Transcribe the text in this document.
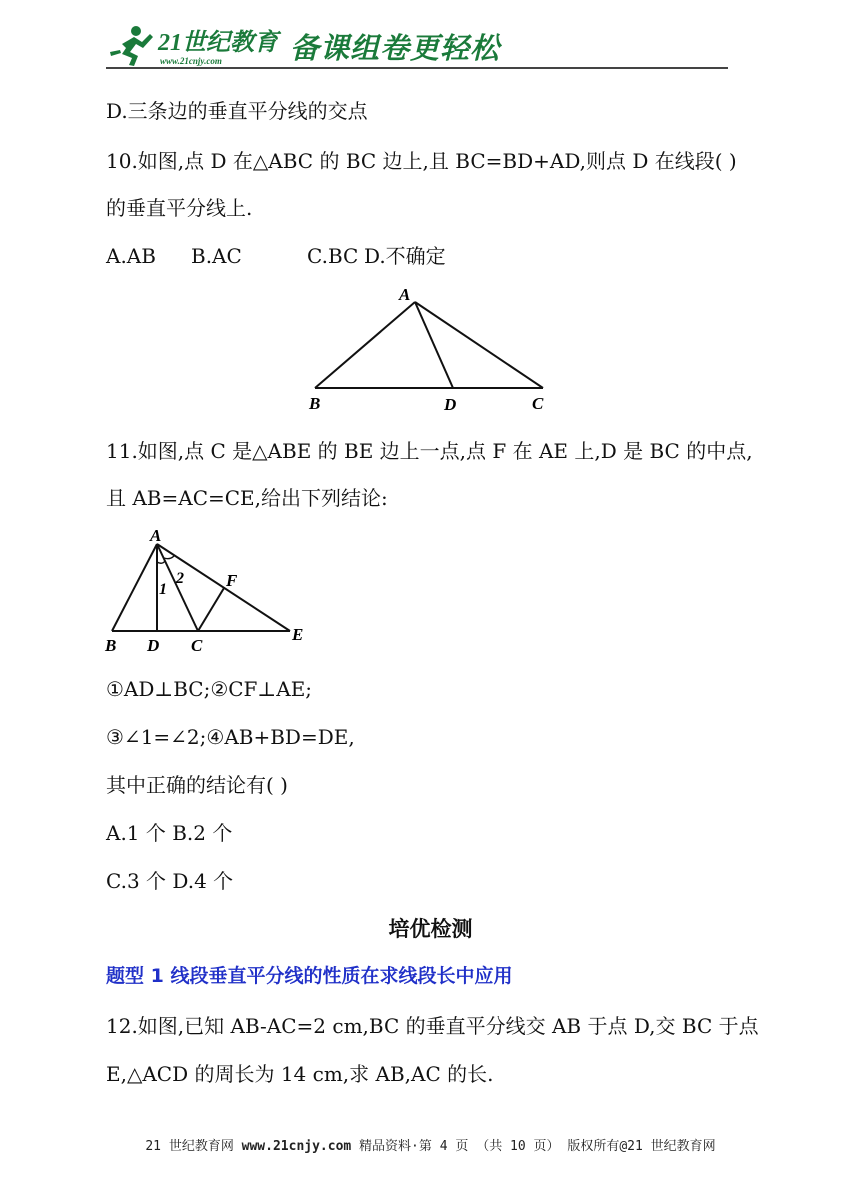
21世纪教育
www.21cnjy.com 备课组卷更轻松
D.三条边的垂直平分线的交点
10.如图,点 D 在△ABC 的 BC 边上,且 BC=BD+AD,则点 D 在线段( )
的垂直平分线上.
A.AB B.AC	C.BC D.不确定
A
B	D	C
11.如图,点 C 是△ABE 的 BE 边上一点,点 F 在 AE 上,D 是 BC 的中点,
且 AB=AC=CE,给出下列结论:
A
B D C
E
F
1
2
①AD⊥BC;②CF⊥AE;
③∠1=∠2;④AB+BD=DE,
其中正确的结论有( )
A.1 个 B.2 个
C.3 个 D.4 个
培优检测
题型 1 线段垂直平分线的性质在求线段长中应用
12.如图,已知 AB-AC=2 cm,BC 的垂直平分线交 AB 于点 D,交 BC 于点
E,△ACD 的周长为 14 cm,求 AB,AC 的长.
21 世纪教育网 www.21cnjy.com 精品资料·第 4 页 （共 10 页） 版权所有@21 世纪教育网
